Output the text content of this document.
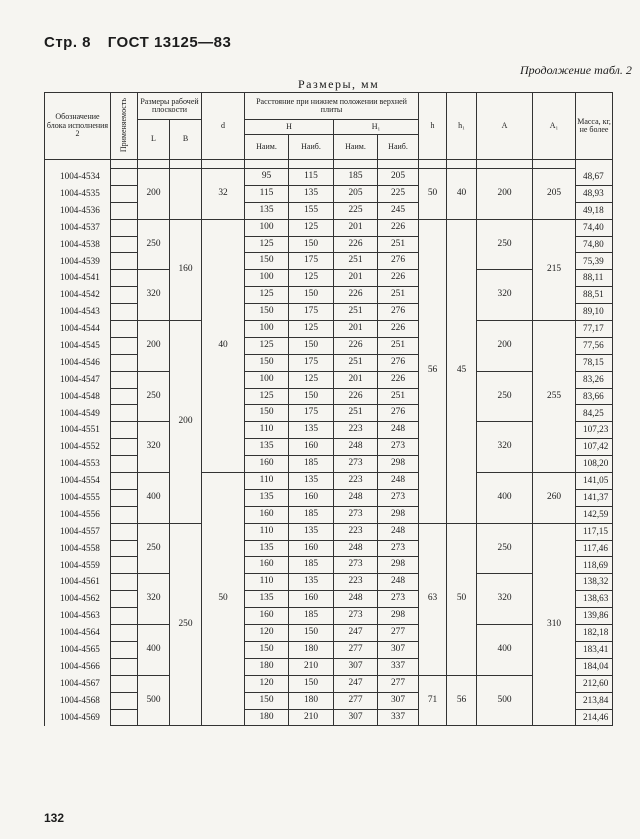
Стр. 8 ГОСТ 13125—83
Продолжение табл. 2
Размеры, мм
Обозначение блока исполнения 2	Применяемость	Размеры рабочей плоскости		d	Расстояние при нижнем положении верхней плиты				h	h₁	A	A₁	Масса, кг, не более
		L	B		H		H₁						
					Наим.	Наиб.	Наим.	Наиб.					

1004-4534		200		32	95	115	185	205	50	40	200	205	48,67
1004-4535					115	135	205	225					48,93
1004-4536					135	155	225	245					49,18
1004-4537		250	160	40	100	125	201	226	56	45	250	215	74,40
1004-4538					125	150	226	251					74,80
1004-4539					150	175	251	276					75,39
1004-4541		320			100	125	201	226			320		88,11
1004-4542					125	150	226	251					88,51
1004-4543					150	175	251	276					89,10
1004-4544		200	200		100	125	201	226			200	255	77,17
1004-4545					125	150	226	251					77,56
1004-4546					150	175	251	276					78,15
1004-4547		250			100	125	201	226			250		83,26
1004-4548					125	150	226	251					83,66
1004-4549					150	175	251	276					84,25
1004-4551		320			110	135	223	248			320		107,23
1004-4552					135	160	248	273					107,42
1004-4553					160	185	273	298					108,20
1004-4554		400		50	110	135	223	248			400	260	141,05
1004-4555					135	160	248	273					141,37
1004-4556					160	185	273	298					142,59
1004-4557		250	250		110	135	223	248	63	50	250	310	117,15
1004-4558					135	160	248	273					117,46
1004-4559					160	185	273	298					118,69
1004-4561		320			110	135	223	248			320		138,32
1004-4562					135	160	248	273					138,63
1004-4563					160	185	273	298					139,86
1004-4564		400			120	150	247	277			400		182,18
1004-4565					150	180	277	307					183,41
1004-4566					180	210	307	337					184,04
1004-4567		500			120	150	247	277	71	56	500		212,60
1004-4568					150	180	277	307					213,84
1004-4569					180	210	307	337					214,46
132
